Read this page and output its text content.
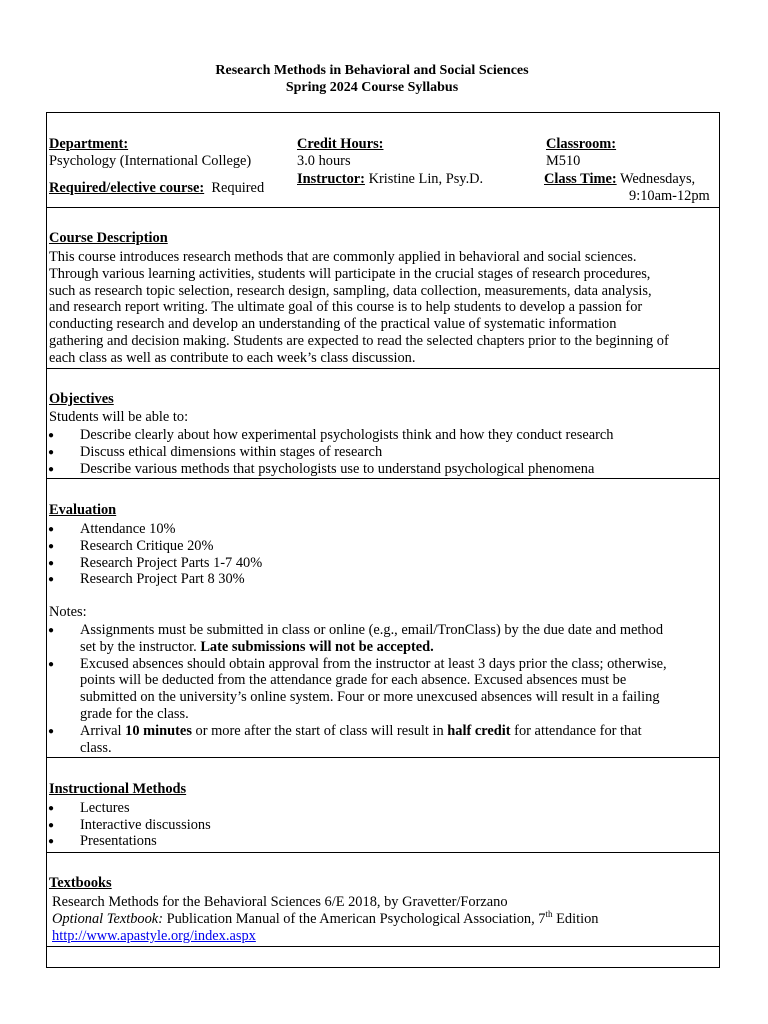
Research Methods in Behavioral and Social Sciences
Spring 2024 Course Syllabus
Department:
Psychology (International College)
Required/elective course: Required
Credit Hours:
3.0 hours
Instructor: Kristine Lin, Psy.D.
Classroom:
M510
Class Time: Wednesdays,
9:10am-12pm
Course Description
This course introduces research methods that are commonly applied in behavioral and social sciences.
Through various learning activities, students will participate in the crucial stages of research procedures,
such as research topic selection, research design, sampling, data collection, measurements, data analysis,
and research report writing. The ultimate goal of this course is to help students to develop a passion for
conducting research and develop an understanding of the practical value of systematic information
gathering and decision making. Students are expected to read the selected chapters prior to the beginning of
each class as well as contribute to each week’s class discussion.
Objectives
Students will be able to:
● Describe clearly about how experimental psychologists think and how they conduct research
● Discuss ethical dimensions within stages of research
● Describe various methods that psychologists use to understand psychological phenomena
Evaluation
● Attendance 10%
● Research Critique 20%
● Research Project Parts 1-7 40%
● Research Project Part 8 30%
Notes:
● Assignments must be submitted in class or online (e.g., email/TronClass) by the due date and method
set by the instructor. Late submissions will not be accepted.
● Excused absences should obtain approval from the instructor at least 3 days prior the class; otherwise,
points will be deducted from the attendance grade for each absence. Excused absences must be
submitted on the university’s online system. Four or more unexcused absences will result in a failing
grade for the class.
● Arrival 10 minutes or more after the start of class will result in half credit for attendance for that
class.
Instructional Methods
● Lectures
● Interactive discussions
● Presentations
Textbooks
Research Methods for the Behavioral Sciences 6/E 2018, by Gravetter/Forzano
Optional Textbook: Publication Manual of the American Psychological Association, 7th Edition
http://www.apastyle.org/index.aspx
